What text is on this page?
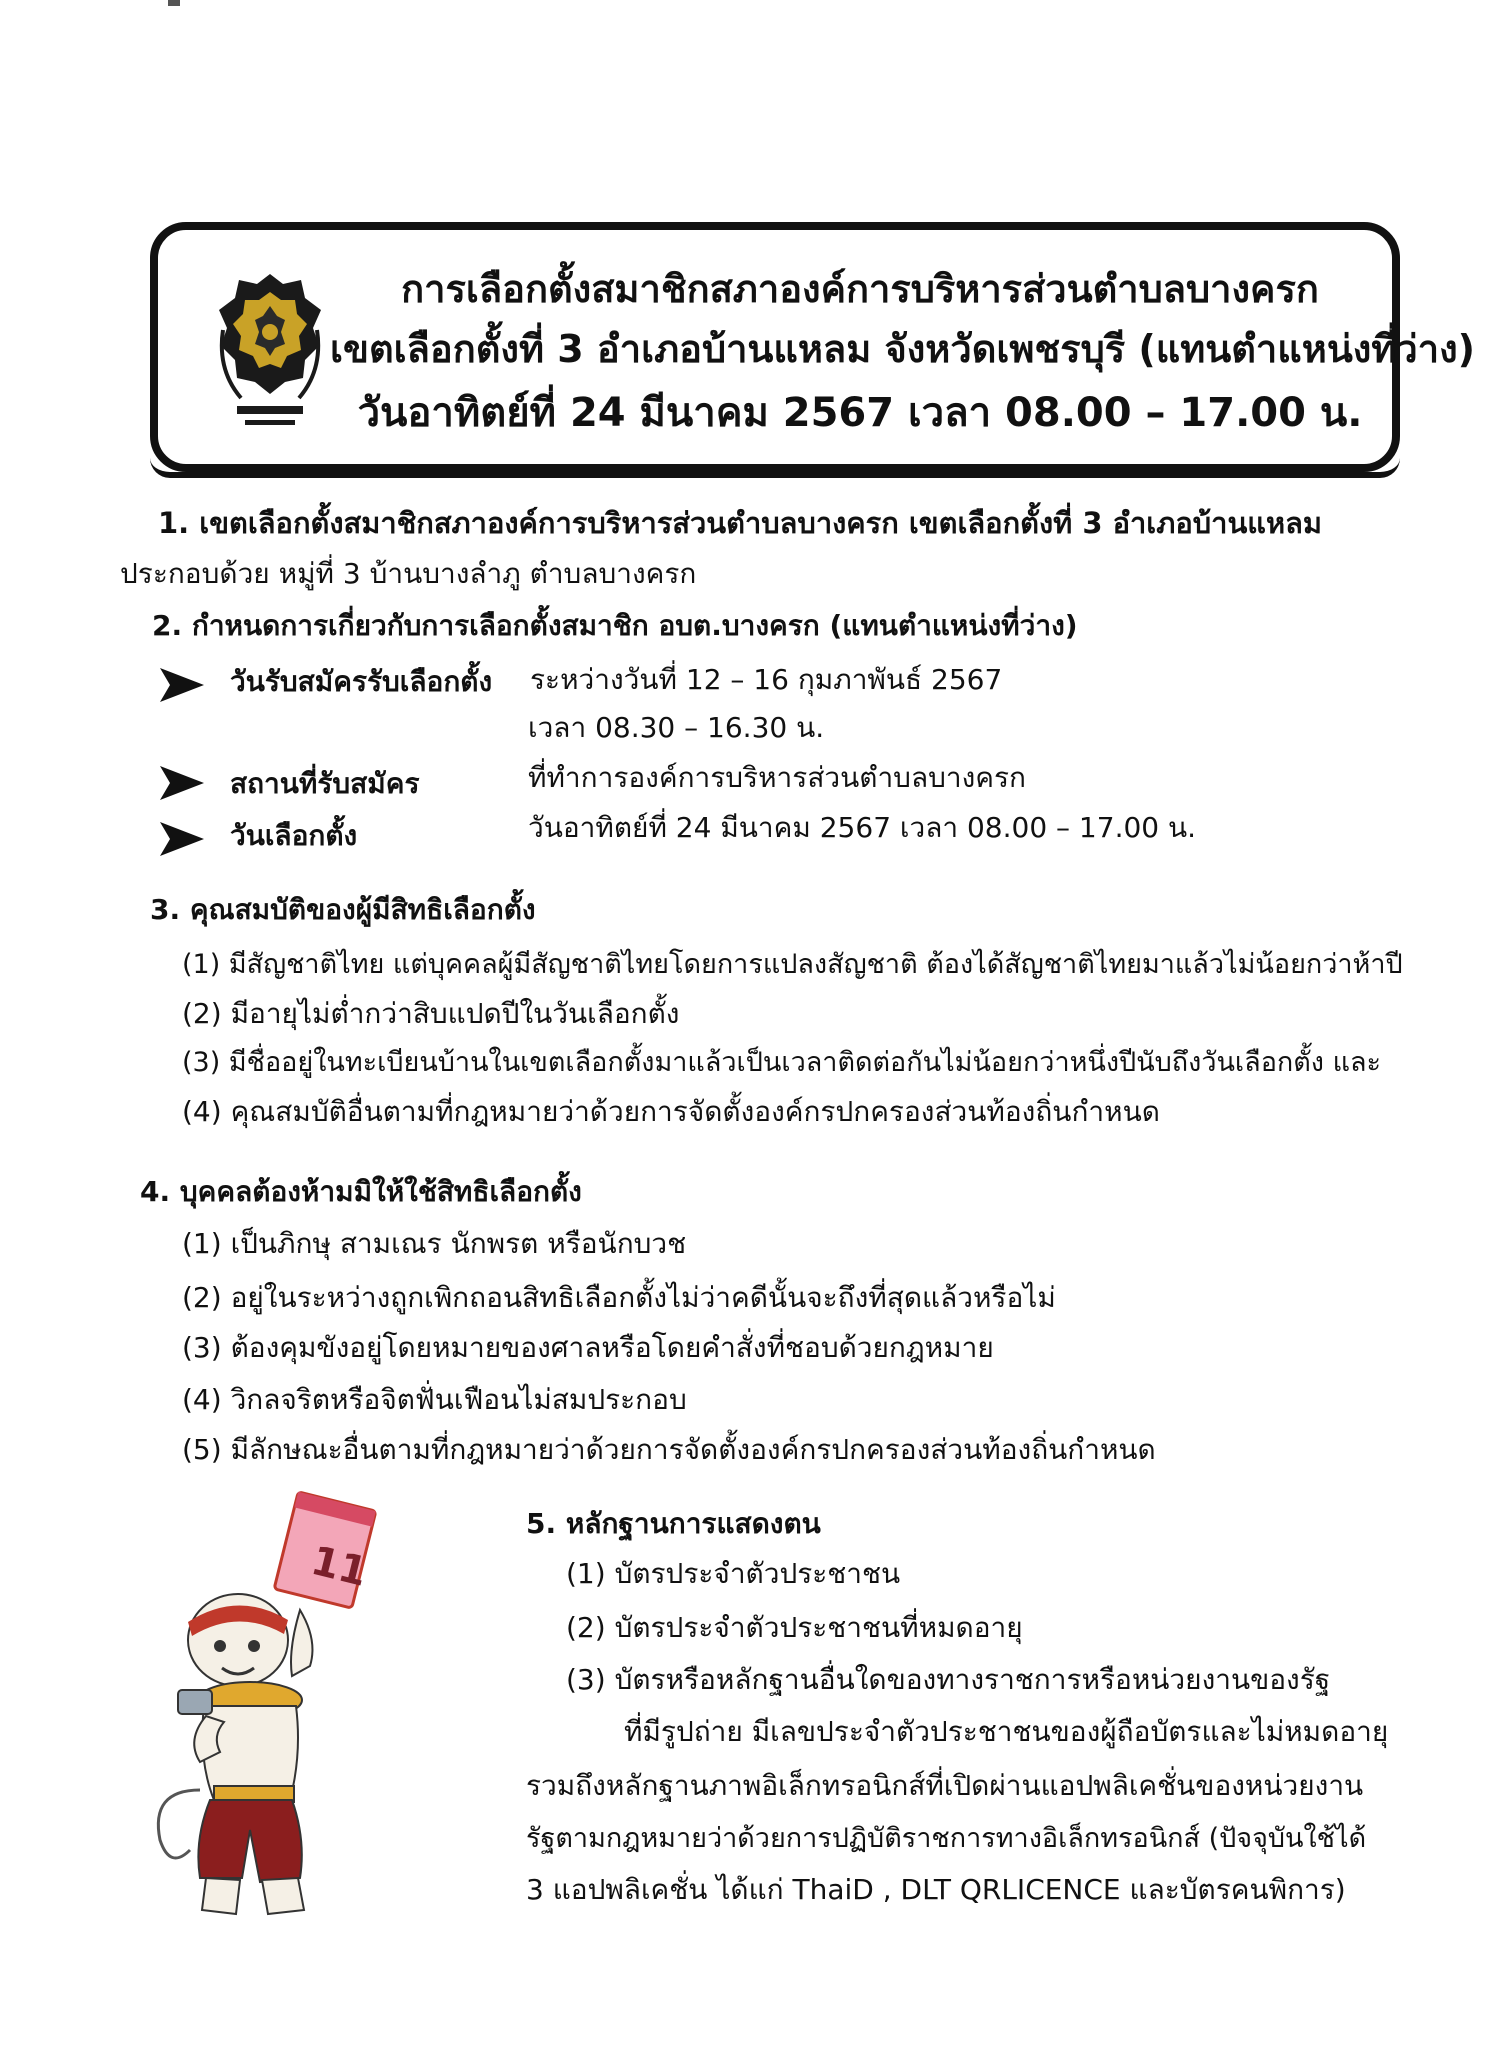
การเลือกตั้งสมาชิกสภาองค์การบริหารส่วนตำบลบางครก
เขตเลือกตั้งที่ 3 อำเภอบ้านแหลม จังหวัดเพชรบุรี (แทนตำแหน่งที่ว่าง)
วันอาทิตย์ที่ 24 มีนาคม 2567 เวลา 08.00 – 17.00 น.
1. เขตเลือกตั้งสมาชิกสภาองค์การบริหารส่วนตำบลบางครก เขตเลือกตั้งที่ 3 อำเภอบ้านแหลม
ประกอบด้วย หมู่ที่ 3 บ้านบางลำภู ตำบลบางครก
2. กำหนดการเกี่ยวกับการเลือกตั้งสมาชิก อบต.บางครก (แทนตำแหน่งที่ว่าง)
วันรับสมัครรับเลือกตั้ง ระหว่างวันที่ 12 – 16 กุมภาพันธ์ 2567
เวลา 08.30 – 16.30 น.
สถานที่รับสมัคร	ที่ทำการองค์การบริหารส่วนตำบลบางครก
วันเลือกตั้ง	วันอาทิตย์ที่ 24 มีนาคม 2567 เวลา 08.00 – 17.00 น.
3. คุณสมบัติของผู้มีสิทธิเลือกตั้ง
(1) มีสัญชาติไทย แต่บุคคลผู้มีสัญชาติไทยโดยการแปลงสัญชาติ ต้องได้สัญชาติไทยมาแล้วไม่น้อยกว่าห้าปี
(2) มีอายุไม่ต่ำกว่าสิบแปดปีในวันเลือกตั้ง
(3) มีชื่ออยู่ในทะเบียนบ้านในเขตเลือกตั้งมาแล้วเป็นเวลาติดต่อกันไม่น้อยกว่าหนึ่งปีนับถึงวันเลือกตั้ง และ
(4) คุณสมบัติอื่นตามที่กฎหมายว่าด้วยการจัดตั้งองค์กรปกครองส่วนท้องถิ่นกำหนด
4. บุคคลต้องห้ามมิให้ใช้สิทธิเลือกตั้ง
(1) เป็นภิกษุ สามเณร นักพรต หรือนักบวช
(2) อยู่ในระหว่างถูกเพิกถอนสิทธิเลือกตั้งไม่ว่าคดีนั้นจะถึงที่สุดแล้วหรือไม่
(3) ต้องคุมขังอยู่โดยหมายของศาลหรือโดยคำสั่งที่ชอบด้วยกฎหมาย
(4) วิกลจริตหรือจิตฟั่นเฟือนไม่สมประกอบ
(5) มีลักษณะอื่นตามที่กฎหมายว่าด้วยการจัดตั้งองค์กรปกครองส่วนท้องถิ่นกำหนด
5. หลักฐานการแสดงตน
(1) บัตรประจำตัวประชาชน
(2) บัตรประจำตัวประชาชนที่หมดอายุ
(3) บัตรหรือหลักฐานอื่นใดของทางราชการหรือหน่วยงานของรัฐ
ที่มีรูปถ่าย มีเลขประจำตัวประชาชนของผู้ถือบัตรและไม่หมดอายุ
รวมถึงหลักฐานภาพอิเล็กทรอนิกส์ที่เปิดผ่านแอปพลิเคชั่นของหน่วยงาน
รัฐตามกฎหมายว่าด้วยการปฏิบัติราชการทางอิเล็กทรอนิกส์ (ปัจจุบันใช้ได้
3 แอปพลิเคชั่น ได้แก่ ThaiD , DLT QRLICENCE และบัตรคนพิการ)
11
